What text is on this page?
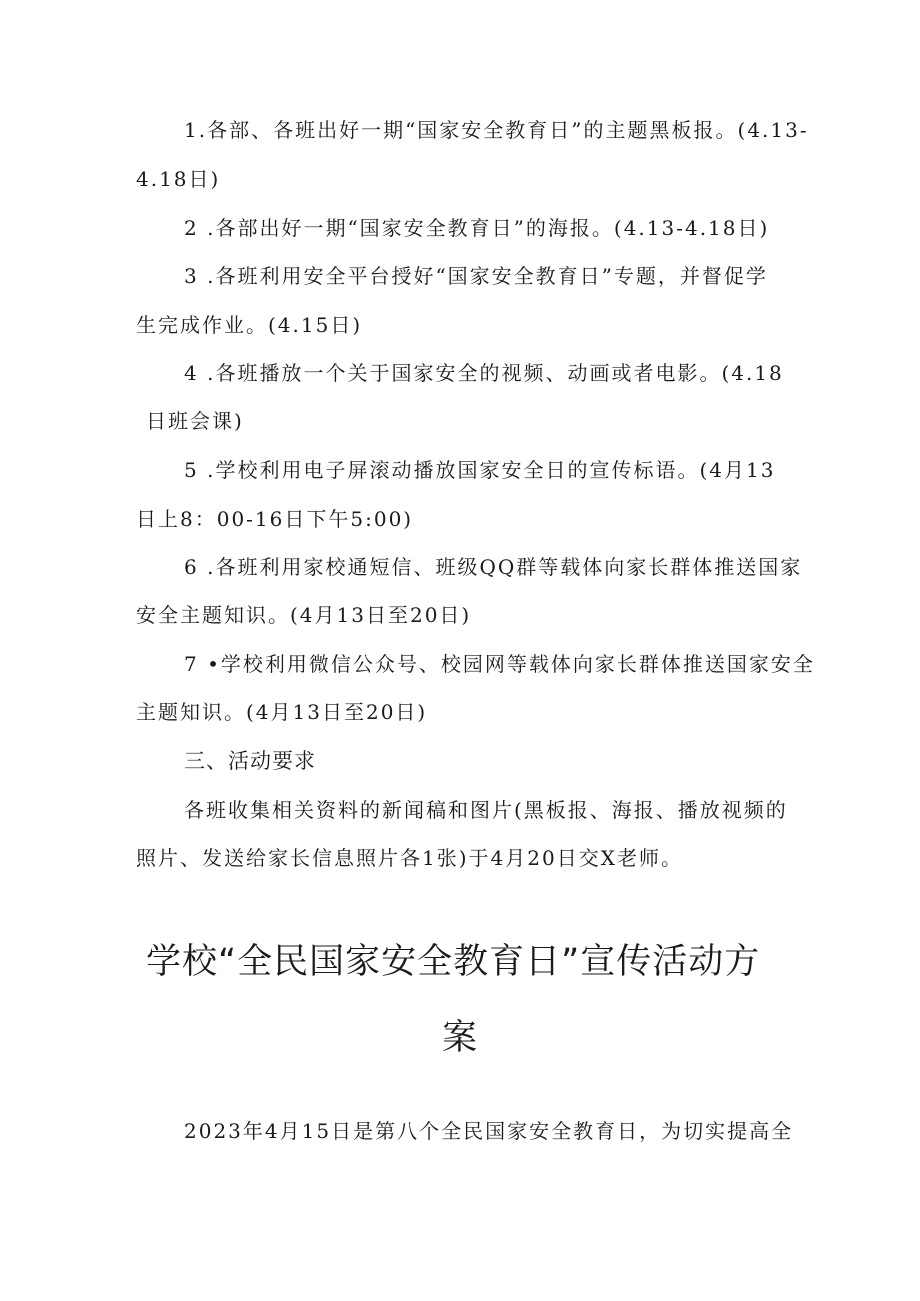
1.各部、各班出好一期“国家安全教育日”的主题黑板报。(4.13-

4.18日)

2 .各部出好一期“国家安全教育日”的海报。(4.13-4.18日)

3 .各班利用安全平台授好“国家安全教育日”专题，并督促学

生完成作业。(4.15日)

4 .各班播放一个关于国家安全的视频、动画或者电影。(4.18

日班会课)

5 .学校利用电子屏滚动播放国家安全日的宣传标语。(4月13

日上8：00-16日下午5:00)

6 .各班利用家校通短信、班级QQ群等载体向家长群体推送国家

安全主题知识。(4月13日至20日)

7 •学校利用微信公众号、校园网等载体向家长群体推送国家安全

主题知识。(4月13日至20日)

三、活动要求

各班收集相关资料的新闻稿和图片(黑板报、海报、播放视频的

照片、发送给家长信息照片各1张)于4月20日交X老师。

学校“全民国家安全教育日”宣传活动方
案

2023年4月15日是第八个全民国家安全教育日，为切实提高全
